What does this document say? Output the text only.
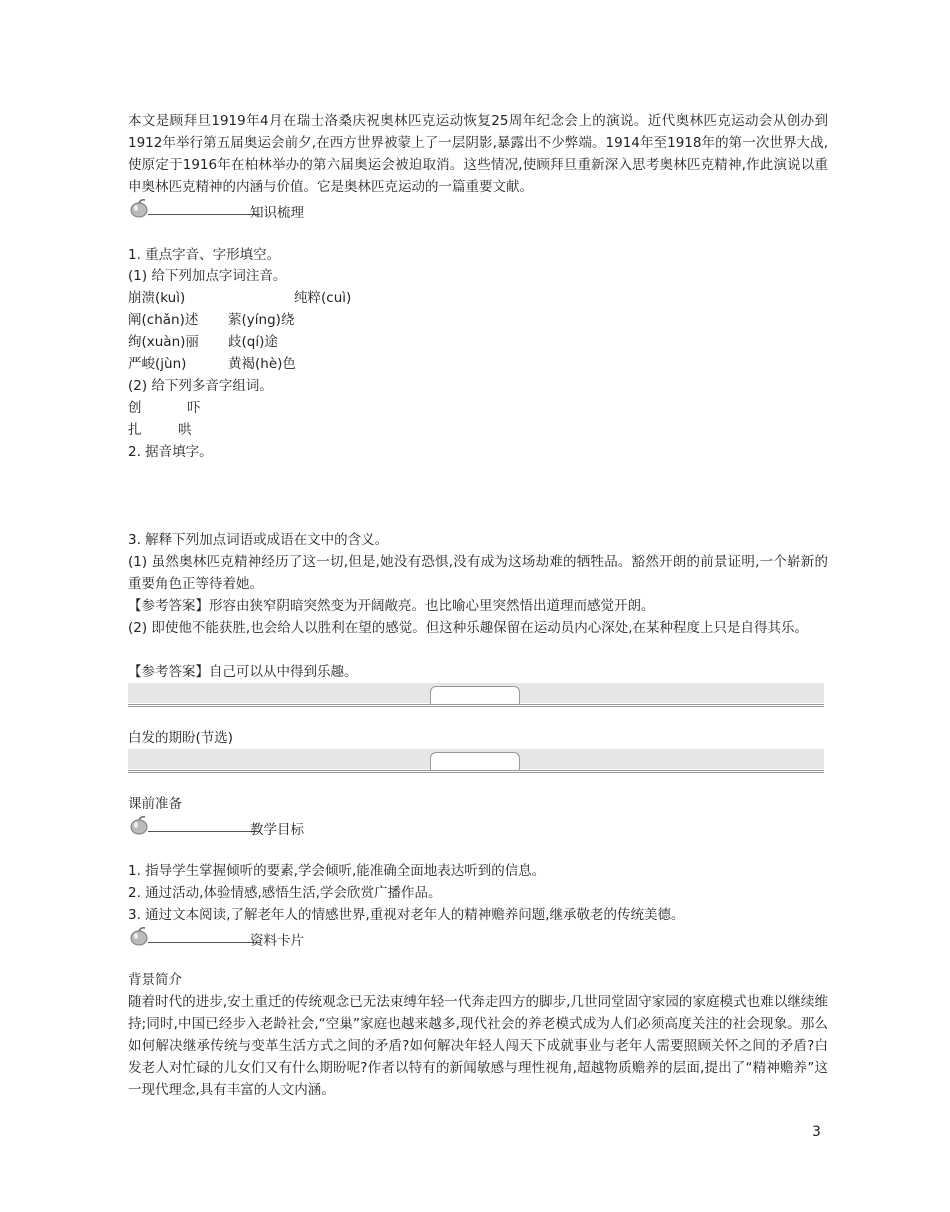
本文是顾拜旦1919年4月在瑞士洛桑庆祝奥林匹克运动恢复25周年纪念会上的演说。近代奥林匹克运动会从创办到1912年举行第五届奥运会前夕,在西方世界被蒙上了一层阴影,暴露出不少弊端。1914年至1918年的第一次世界大战,使原定于1916年在柏林举办的第六届奥运会被迫取消。这些情况,使顾拜旦重新深入思考奥林匹克精神,作此演说以重申奥林匹克精神的内涵与价值。它是奥林匹克运动的一篇重要文献。
知识梳理
1. 重点字音、字形填空。
(1) 给下列加点字词注音。
崩溃(kuì)	纯粹(cuì)
阐(chǎn)述 萦(yíng)绕
绚(xuàn)丽 歧(qí)途
严峻(jùn)	黄褐(hè)色
(2) 给下列多音字组词。
创	吓
扎	哄
2. 据音填字。
3. 解释下列加点词语或成语在文中的含义。
(1) 虽然奥林匹克精神经历了这一切,但是,她没有恐惧,没有成为这场劫难的牺牲品。豁然开朗的前景证明,一个崭新的重要角色正等待着她。
【参考答案】形容由狭窄阴暗突然变为开阔敞亮。也比喻心里突然悟出道理而感觉开朗。
(2) 即使他不能获胜,也会给人以胜利在望的感觉。但这种乐趣保留在运动员内心深处,在某种程度上只是自得其乐。
【参考答案】自己可以从中得到乐趣。
白发的期盼(节选)
课前准备
教学目标
1. 指导学生掌握倾听的要素,学会倾听,能准确全面地表达听到的信息。
2. 通过活动,体验情感,感悟生活,学会欣赏广播作品。
3. 通过文本阅读,了解老年人的情感世界,重视对老年人的精神赡养问题,继承敬老的传统美德。
资料卡片
背景简介
随着时代的进步,安土重迁的传统观念已无法束缚年轻一代奔走四方的脚步,几世同堂固守家园的家庭模式也难以继续维持;同时,中国已经步入老龄社会,“空巢”家庭也越来越多,现代社会的养老模式成为人们必须高度关注的社会现象。那么如何解决继承传统与变革生活方式之间的矛盾?如何解决年轻人闯天下成就事业与老年人需要照顾关怀之间的矛盾?白发老人对忙碌的儿女们又有什么期盼呢?作者以特有的新闻敏感与理性视角,超越物质赡养的层面,提出了“精神赡养”这一现代理念,具有丰富的人文内涵。
3
